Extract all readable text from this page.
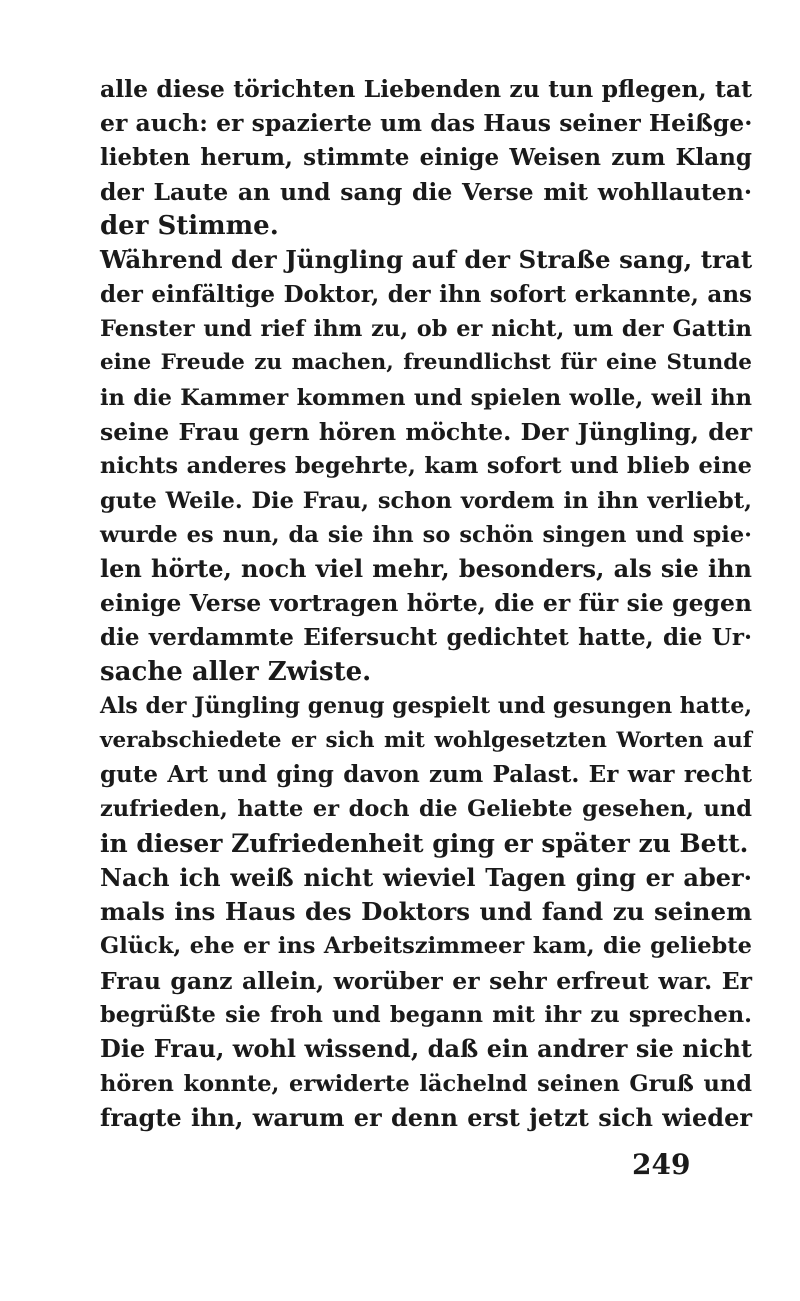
alle diese törichten Liebenden zu tun pflegen, tat
er auch: er spazierte um das Haus seiner Heißge·
liebten herum, stimmte einige Weisen zum Klang
der Laute an und sang die Verse mit wohllauten·
der Stimme.
Während der Jüngling auf der Straße sang, trat
der einfältige Doktor, der ihn sofort erkannte, ans
Fenster und rief ihm zu, ob er nicht, um der Gattin
eine Freude zu machen, freundlichst für eine Stunde
in die Kammer kommen und spielen wolle, weil ihn
seine Frau gern hören möchte. Der Jüngling, der
nichts anderes begehrte, kam sofort und blieb eine
gute Weile. Die Frau, schon vordem in ihn verliebt,
wurde es nun, da sie ihn so schön singen und spie·
len hörte, noch viel mehr, besonders, als sie ihn
einige Verse vortragen hörte, die er für sie gegen
die verdammte Eifersucht gedichtet hatte, die Ur·
sache aller Zwiste.
Als der Jüngling genug gespielt und gesungen hatte,
verabschiedete er sich mit wohlgesetzten Worten auf
gute Art und ging davon zum Palast. Er war recht
zufrieden, hatte er doch die Geliebte gesehen, und
in dieser Zufriedenheit ging er später zu Bett.
Nach ich weiß nicht wieviel Tagen ging er aber·
mals ins Haus des Doktors und fand zu seinem
Glück, ehe er ins Arbeitszimmeer kam, die geliebte
Frau ganz allein, worüber er sehr erfreut war. Er
begrüßte sie froh und begann mit ihr zu sprechen.
Die Frau, wohl wissend, daß ein andrer sie nicht
hören konnte, erwiderte lächelnd seinen Gruß und
fragte ihn, warum er denn erst jetzt sich wieder
249
